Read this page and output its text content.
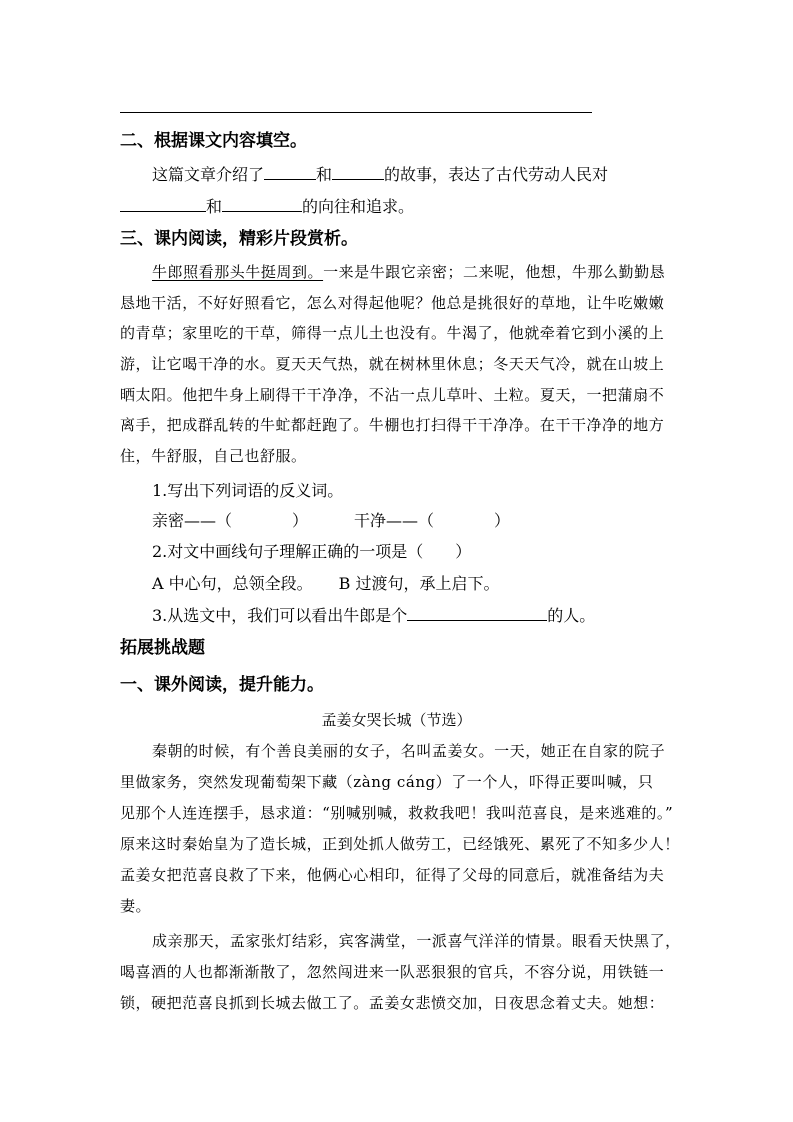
二、根据课文内容填空。
这篇文章介绍了	和	的故事，表达了古代劳动人民对
和	的向往和追求。
三、课内阅读，精彩片段赏析。
牛郎照看那头牛挺周到。一来是牛跟它亲密；二来呢，他想，牛那么勤勤恳
恳地干活，不好好照看它，怎么对得起他呢？他总是挑很好的草地，让牛吃嫩嫩
的青草；家里吃的干草，筛得一点儿土也没有。牛渴了，他就牵着它到小溪的上
游，让它喝干净的水。夏天天气热，就在树林里休息；冬天天气冷，就在山坡上
晒太阳。他把牛身上刷得干干净净，不沾一点儿草叶、土粒。夏天，一把蒲扇不
离手，把成群乱转的牛虻都赶跑了。牛棚也打扫得干干净净。在干干净净的地方
住，牛舒服，自己也舒服。
1.写出下列词语的反义词。
亲密——（	）	干净——（	）
2.对文中画线句子理解正确的一项是（ ）
A 中心句，总领全段。 B 过渡句，承上启下。
3.从选文中，我们可以看出牛郎是个	的人。
拓展挑战题
一、课外阅读，提升能力。
孟姜女哭长城（节选）
秦朝的时候，有个善良美丽的女子，名叫孟姜女。一天，她正在自家的院子
里做家务，突然发现葡萄架下藏（zàng cáng）了一个人，吓得正要叫喊，只
见那个人连连摆手，恳求道：“别喊别喊，救救我吧！我叫范喜良，是来逃难的。”
原来这时秦始皇为了造长城，正到处抓人做劳工，已经饿死、累死了不知多少人！
孟姜女把范喜良救了下来，他俩心心相印，征得了父母的同意后，就准备结为夫
妻。
成亲那天，孟家张灯结彩，宾客满堂，一派喜气洋洋的情景。眼看天快黑了，
喝喜酒的人也都渐渐散了，忽然闯进来一队恶狠狠的官兵，不容分说，用铁链一
锁，硬把范喜良抓到长城去做工了。孟姜女悲愤交加，日夜思念着丈夫。她想：
